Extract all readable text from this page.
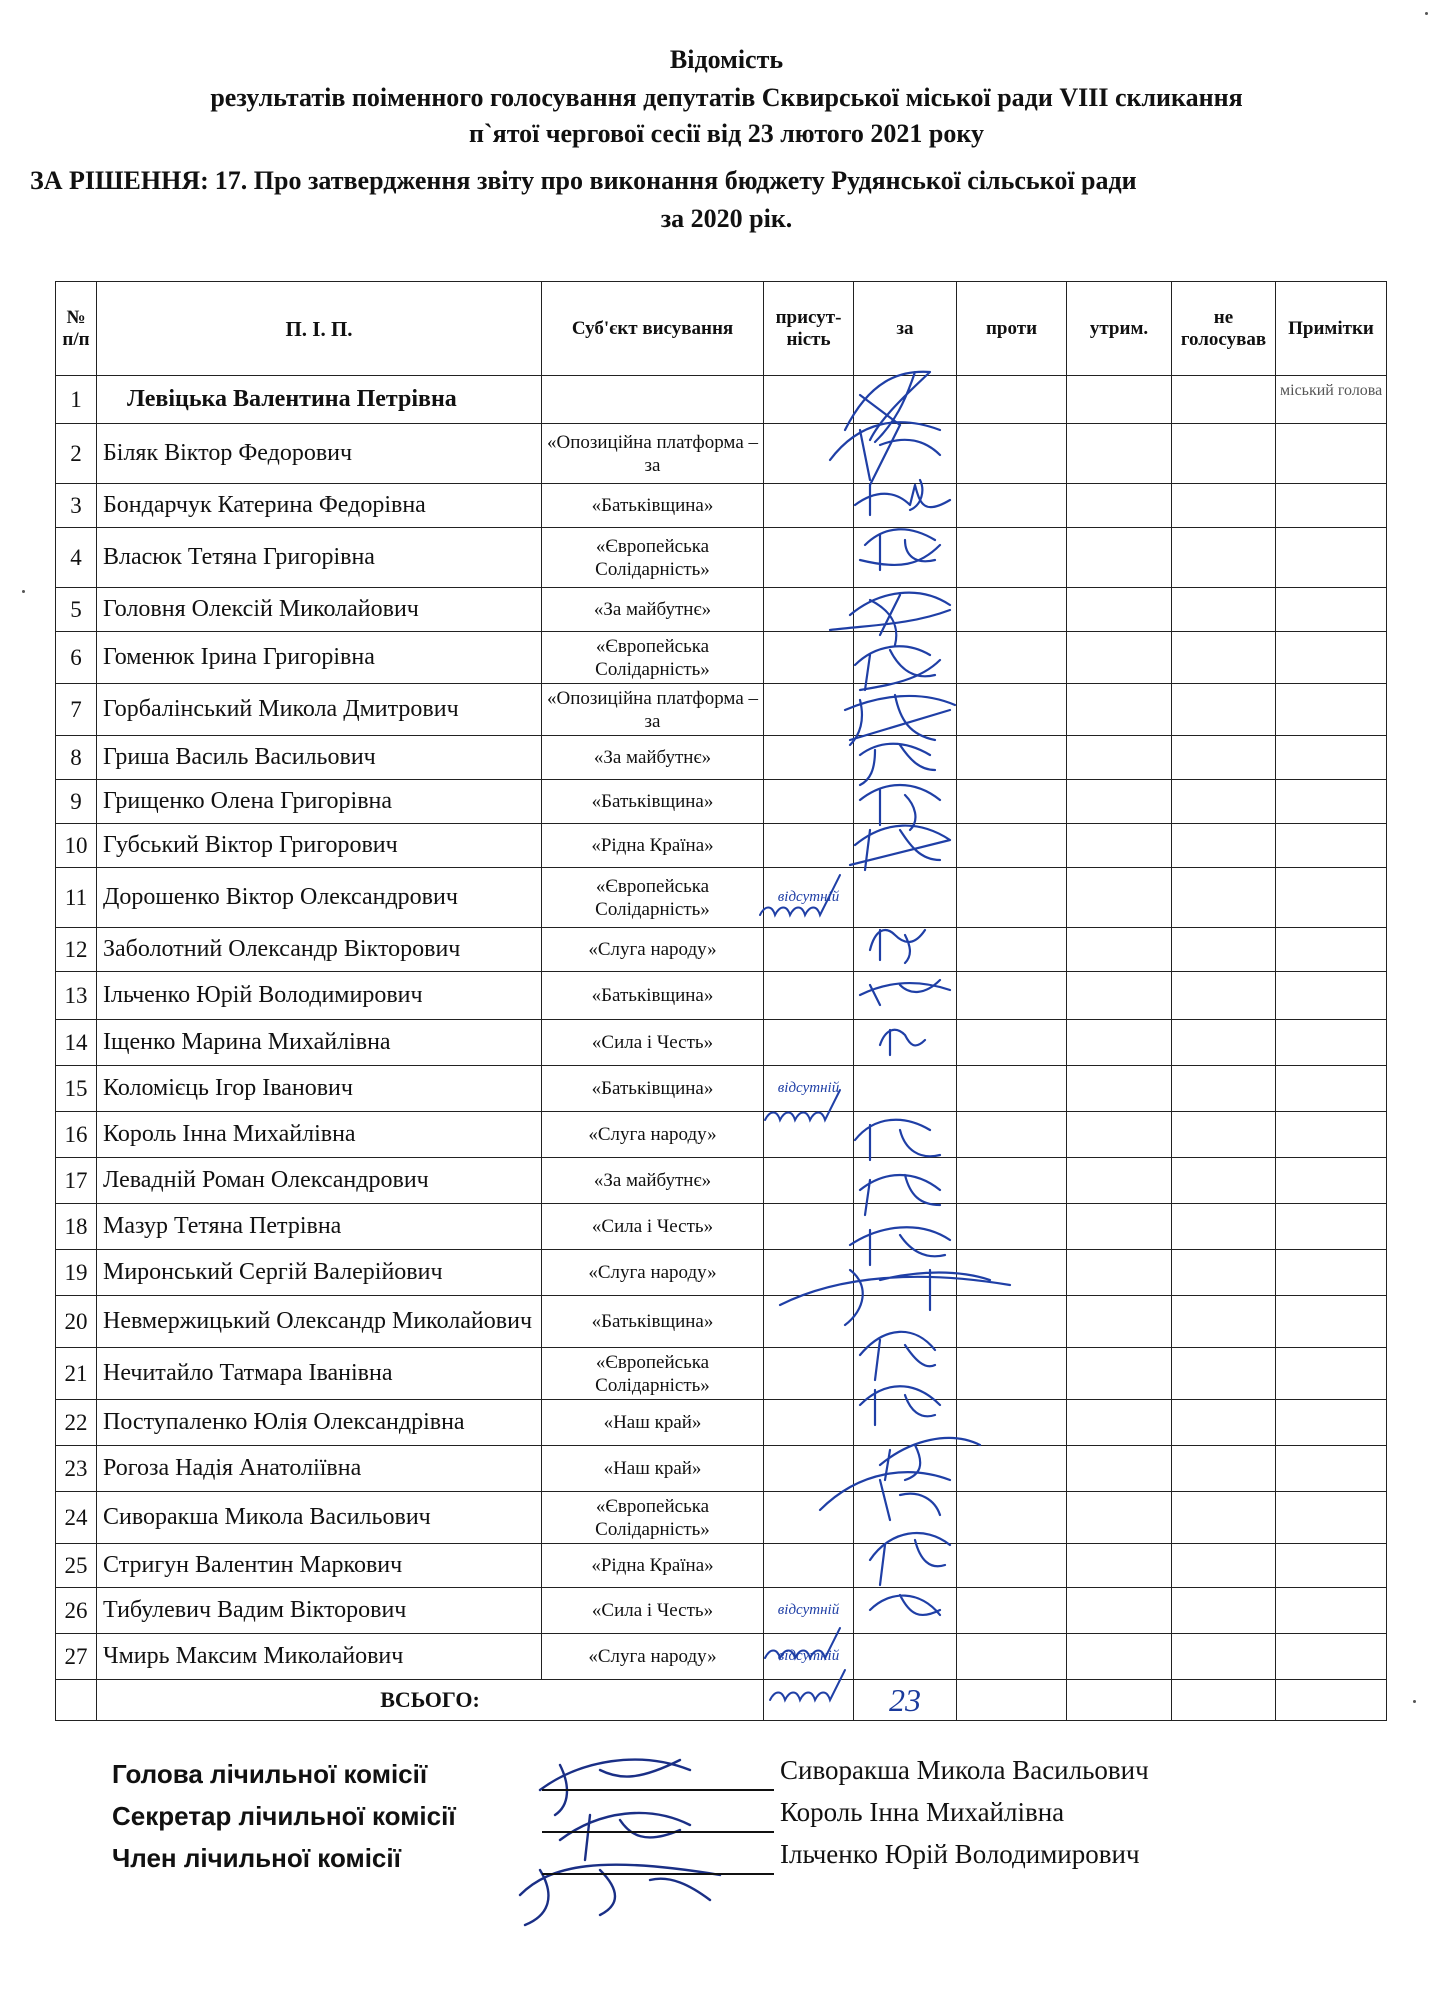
Відомість
результатів поіменного голосування депутатів Сквирської міської ради VIII скликання
п`ятої чергової сесії від 23 лютого 2021 року
ЗА РІШЕННЯ: 17. Про затвердження звіту про виконання бюджету Рудянської сільської ради
за 2020 рік.
№ п/п	П. І. П.	Суб'єкт висування	присут-ність	за	проти	утрим.	не голосував	Примітки
1	Левіцька Валентина Петрівна							міський голова
2	Біляк Віктор Федорович	«Опозиційна платформа – за						
3	Бондарчук Катерина Федорівна	«Батьківщина»						
4	Власюк Тетяна Григорівна	«Європейська Солідарність»						
5	Головня Олексій Миколайович	«За майбутнє»						
6	Гоменюк Ірина Григорівна	«Європейська Солідарність»						
7	Горбалінський Микола Дмитрович	«Опозиційна платформа – за						
8	Гриша Василь Васильович	«За майбутнє»						
9	Грищенко Олена Григорівна	«Батьківщина»						
10	Губський Віктор Григорович	«Рідна Країна»						
11	Дорошенко Віктор Олександрович	«Європейська Солідарність»	відсутній					
12	Заболотний Олександр Вікторович	«Слуга народу»						
13	Ільченко Юрій Володимирович	«Батьківщина»						
14	Іщенко Марина Михайлівна	«Сила і Честь»						
15	Коломієць Ігор Іванович	«Батьківщина»	відсутній					
16	Король Інна Михайлівна	«Слуга народу»						
17	Левадній Роман Олександрович	«За майбутнє»						
18	Мазур Тетяна Петрівна	«Сила і Честь»						
19	Миронський Сергій Валерійович	«Слуга народу»						
20	Невмержицький Олександр Миколайович	«Батьківщина»						
21	Нечитайло Татмара Іванівна	«Європейська Солідарність»						
22	Поступаленко Юлія Олександрівна	«Наш край»						
23	Рогоза Надія Анатоліївна	«Наш край»						
24	Сиворакша Микола Васильович	«Європейська Солідарність»						
25	Стригун Валентин Маркович	«Рідна Країна»						
26	Тибулевич Вадим Вікторович	«Сила і Честь»	відсутній					
27	Чмирь Максим Миколайович	«Слуга народу»	відсутній					
	ВСЬОГО:			23				
Голова лічильної комісії	Сиворакша Микола Васильович
Секретар лічильної комісії	Король Інна Михайлівна
Член лічильної комісії	Ільченко Юрій Володимирович
